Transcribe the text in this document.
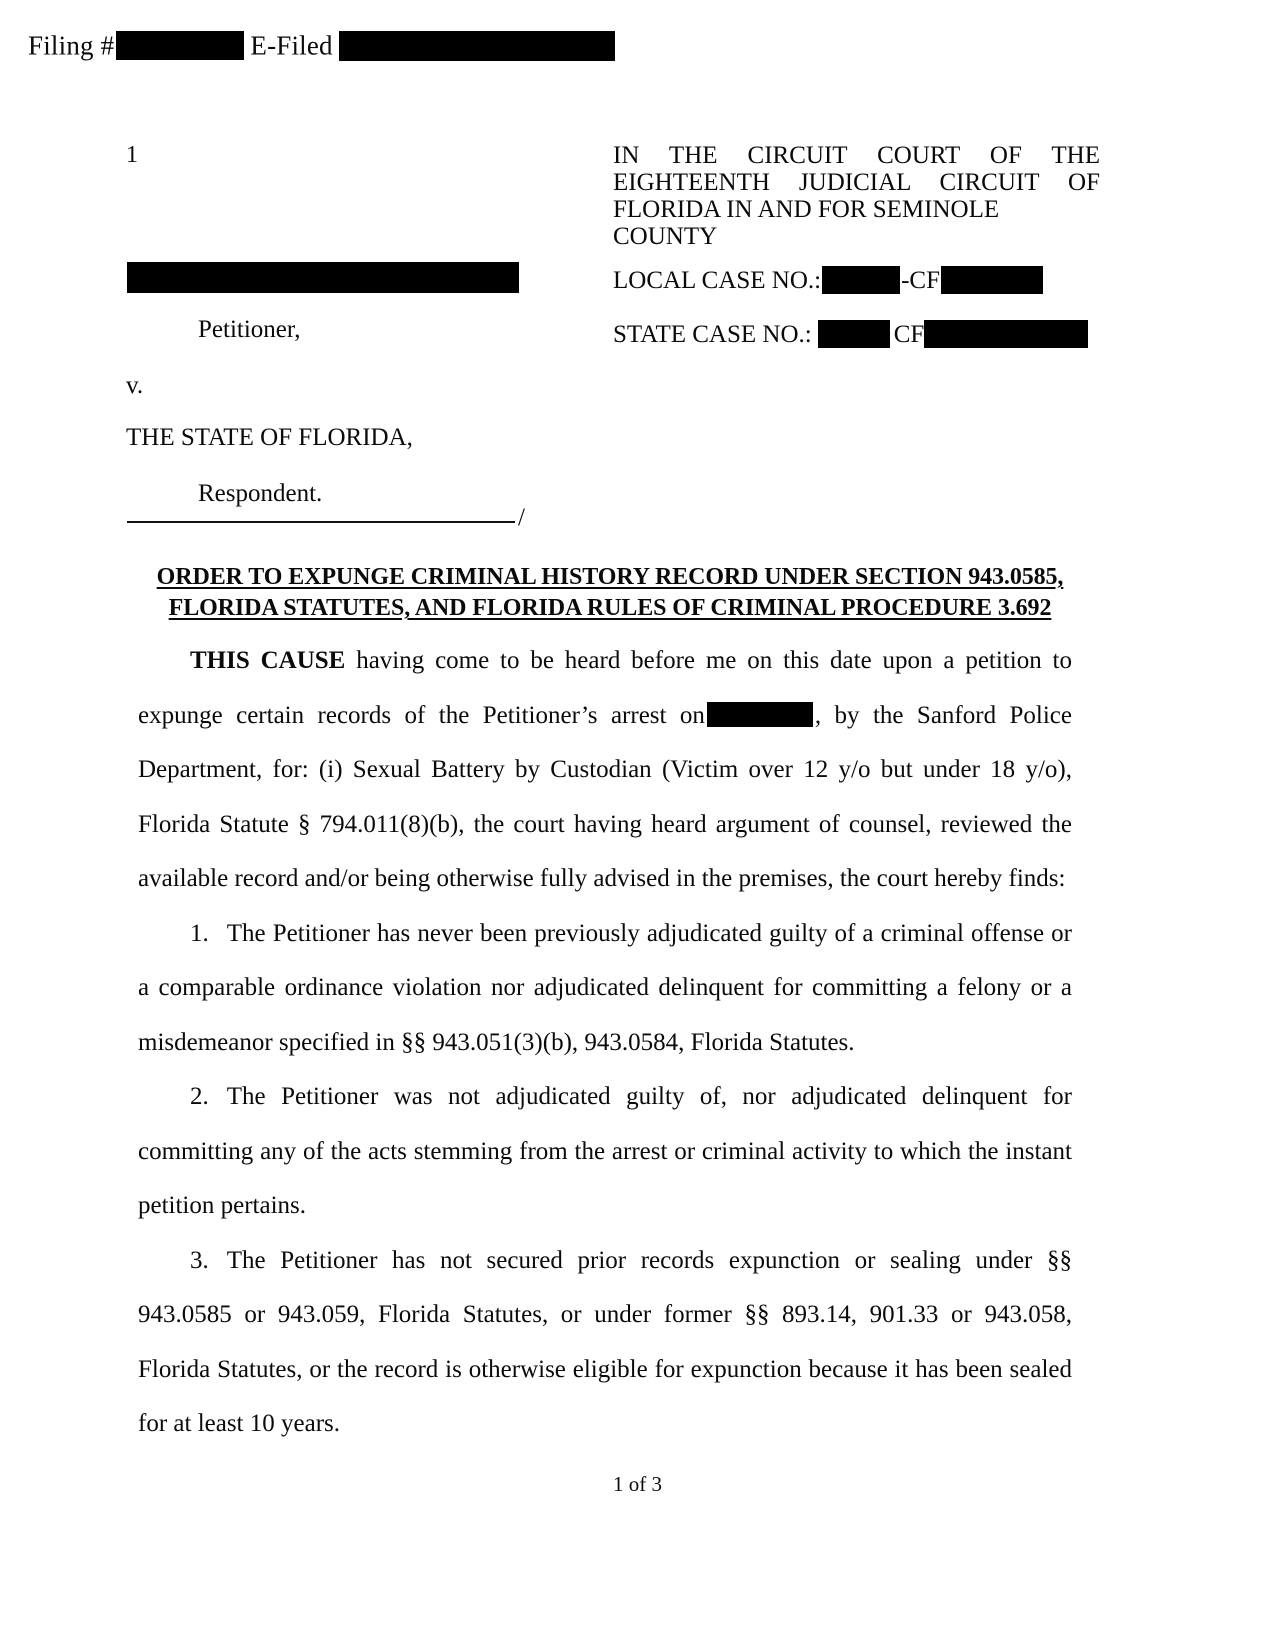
Filing #	E-Filed
1	IN THE CIRCUIT COURT OF THE
EIGHTEENTH JUDICIAL CIRCUIT OF
FLORIDA IN AND FOR SEMINOLE COUNTY
LOCAL CASE NO.:	-CF
STATE CASE NO.:	CF
Petitioner,
v.
THE STATE OF FLORIDA,
Respondent.
/
ORDER TO EXPUNGE CRIMINAL HISTORY RECORD UNDER SECTION 943.0585,
FLORIDA STATUTES, AND FLORIDA RULES OF CRIMINAL PROCEDURE 3.692

THIS CAUSE having come to be heard before me on this date upon a petition to expunge certain records of the Petitioner’s arrest on	, by the Sanford Police Department, for: (i) Sexual Battery by Custodian (Victim over 12 y/o but under 18 y/o), Florida Statute § 794.011(8)(b), the court having heard argument of counsel, reviewed the available record and/or being otherwise fully advised in the premises, the court hereby finds:

1. The Petitioner has never been previously adjudicated guilty of a criminal offense or a comparable ordinance violation nor adjudicated delinquent for committing a felony or a misdemeanor specified in §§ 943.051(3)(b), 943.0584, Florida Statutes.

2. The Petitioner was not adjudicated guilty of, nor adjudicated delinquent for committing any of the acts stemming from the arrest or criminal activity to which the instant petition pertains.

3. The Petitioner has not secured prior records expunction or sealing under §§ 943.0585 or 943.059, Florida Statutes, or under former §§ 893.14, 901.33 or 943.058, Florida Statutes, or the record is otherwise eligible for expunction because it has been sealed for at least 10 years.

1 of 3
